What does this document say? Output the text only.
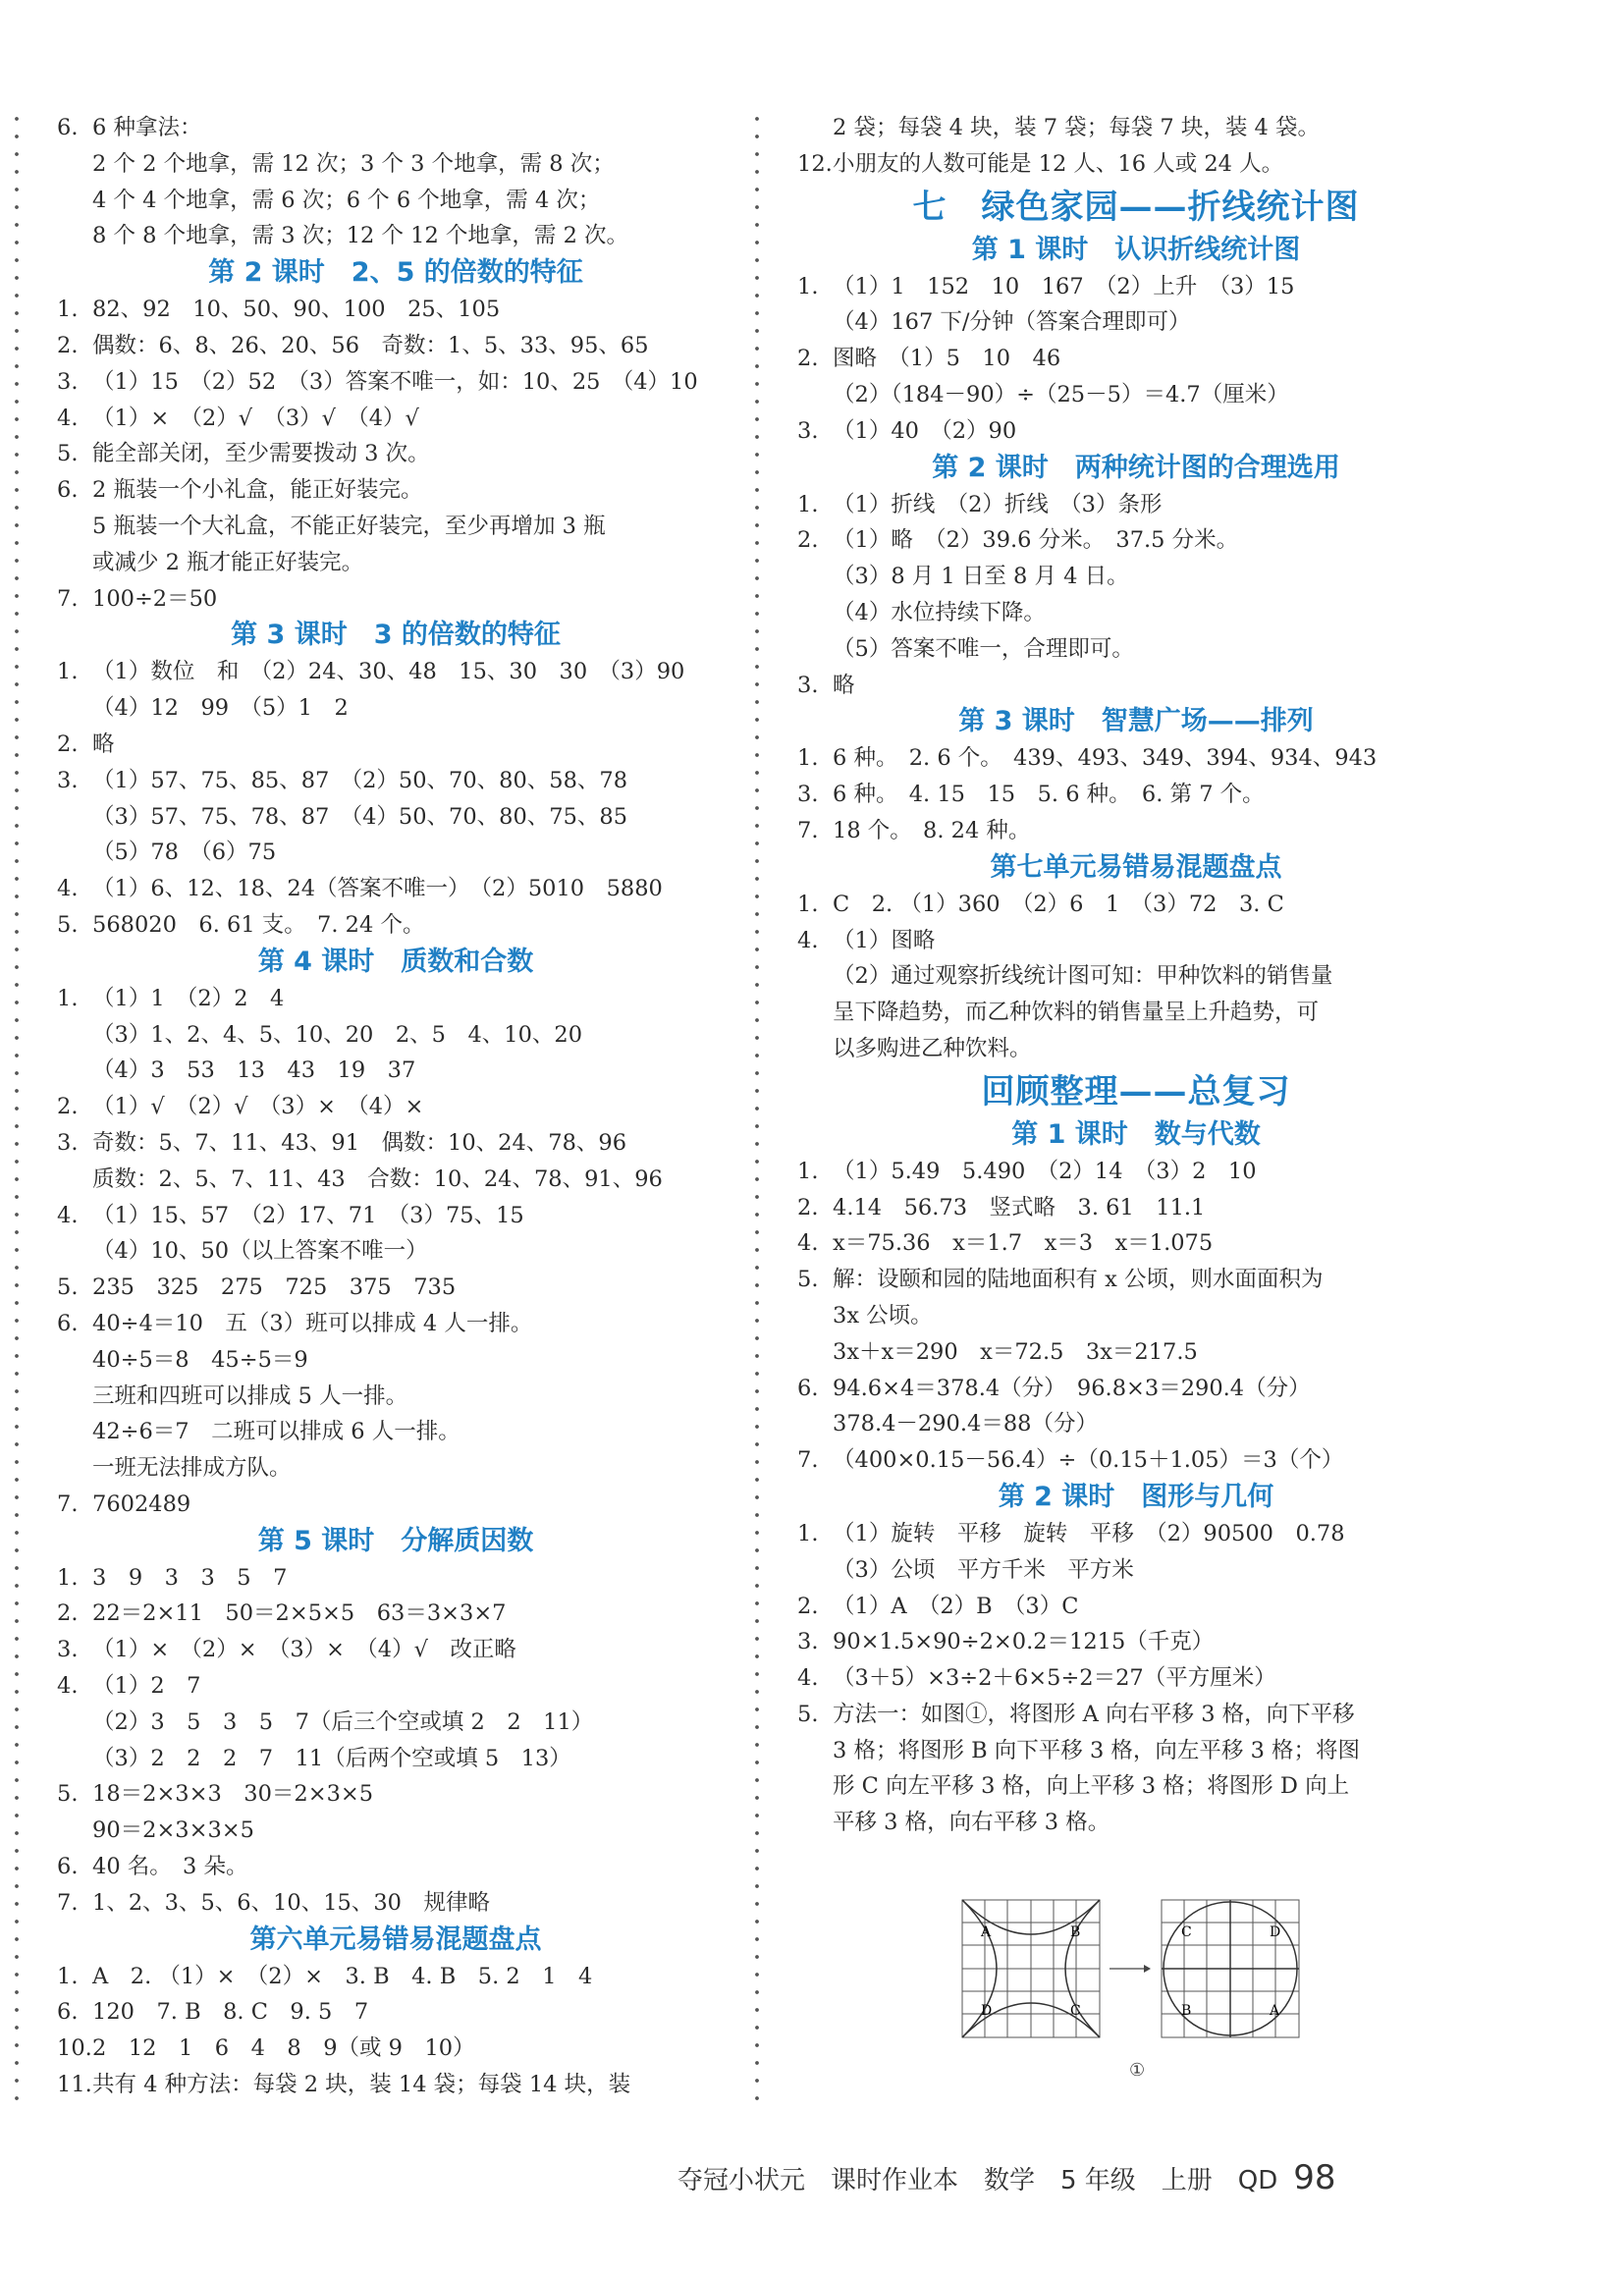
6. 6 种拿法：
2 个 2 个地拿，需 12 次；3 个 3 个地拿，需 8 次；
4 个 4 个地拿，需 6 次；6 个 6 个地拿，需 4 次；
8 个 8 个地拿，需 3 次；12 个 12 个地拿，需 2 次。
第 2 课时　2、5 的倍数的特征
1. 82、92　10、50、90、100　25、105
2. 偶数：6、8、26、20、56　奇数：1、5、33、95、65
3. （1）15　（2）52　（3）答案不唯一，如：10、25　（4）10
4. （1）×　（2）√　（3）√　（4）√
5. 能全部关闭，至少需要拨动 3 次。
6. 2 瓶装一个小礼盒，能正好装完。
5 瓶装一个大礼盒，不能正好装完，至少再增加 3 瓶
或减少 2 瓶才能正好装完。
7. 100÷2＝50
第 3 课时　3 的倍数的特征
1. （1）数位　和　（2）24、30、48　15、30　30　（3）90
（4）12　99　（5）1　2
2. 略
3. （1）57、75、85、87　（2）50、70、80、58、78
（3）57、75、78、87　（4）50、70、80、75、85
（5）78　（6）75
4. （1）6、12、18、24（答案不唯一）　（2）5010　5880
5. 568020　6. 61 支。　7. 24 个。
第 4 课时　质数和合数
1. （1）1　（2）2　4
（3）1、2、4、5、10、20　2、5　4、10、20
（4）3　53　13　43　19　37
2. （1）√　（2）√　（3）×　（4）×
3. 奇数：5、7、11、43、91　偶数：10、24、78、96
质数：2、5、7、11、43　合数：10、24、78、91、96
4. （1）15、57　（2）17、71　（3）75、15
（4）10、50（以上答案不唯一）
5. 235　325　275　725　375　735
6. 40÷4＝10　五（3）班可以排成 4 人一排。
40÷5＝8　45÷5＝9
三班和四班可以排成 5 人一排。
42÷6＝7　二班可以排成 6 人一排。
一班无法排成方队。
7. 7602489
第 5 课时　分解质因数
1. 3　9　3　3　5　7
2. 22＝2×11　50＝2×5×5　63＝3×3×7
3. （1）×　（2）×　（3）×　（4）√　改正略
4. （1）2　7
（2）3　5　3　5　7（后三个空或填 2　2　11）
（3）2　2　2　7　11（后两个空或填 5　13）
5. 18＝2×3×3　30＝2×3×5
90＝2×3×3×5
6. 40 名。　3 朵。
7. 1、2、3、5、6、10、15、30　规律略
第六单元易错易混题盘点
1. A　2. （1）×　（2）×　3. B　4. B　5. 2　1　4
6. 120　7. B　8. C　9. 5　7
10.2　12　1　6　4　8　9（或 9　10）
11.共有 4 种方法：每袋 2 块，装 14 袋；每袋 14 块，装
2 袋；每袋 4 块，装 7 袋；每袋 7 块，装 4 袋。
12.小朋友的人数可能是 12 人、16 人或 24 人。
七　绿色家园——折线统计图
第 1 课时　认识折线统计图
1. （1）1　152　10　167　（2）上升　（3）15
（4）167 下/分钟（答案合理即可）
2. 图略　（1）5　10　46
（2）（184－90）÷（25－5）＝4.7（厘米）
3. （1）40　（2）90
第 2 课时　两种统计图的合理选用
1. （1）折线　（2）折线　（3）条形
2. （1）略　（2）39.6 分米。　37.5 分米。
（3）8 月 1 日至 8 月 4 日。
（4）水位持续下降。
（5）答案不唯一，合理即可。
3. 略
第 3 课时　智慧广场——排列
1. 6 种。　2. 6 个。　439、493、349、394、934、943
3. 6 种。　4. 15　15　5. 6 种。　6. 第 7 个。
7. 18 个。　8. 24 种。
第七单元易错易混题盘点
1. C　2. （1）360　（2）6　1　（3）72　3. C
4. （1）图略
（2）通过观察折线统计图可知：甲种饮料的销售量
呈下降趋势，而乙种饮料的销售量呈上升趋势，可
以多购进乙种饮料。
回顾整理——总复习
第 1 课时　数与代数
1. （1）5.49　5.490　（2）14　（3）2　10
2. 4.14　56.73　竖式略　3. 61　11.1
4. x＝75.36　x＝1.7　x＝3　x＝1.075
5. 解：设颐和园的陆地面积有 x 公顷，则水面面积为
3x 公顷。
3x＋x＝290　x＝72.5　3x＝217.5
6. 94.6×4＝378.4（分）　96.8×3＝290.4（分）
378.4－290.4＝88（分）
7. （400×0.15－56.4）÷（0.15＋1.05）＝3（个）
第 2 课时　图形与几何
1. （1）旋转　平移　旋转　平移　（2）90500　0.78
（3）公顷　平方千米　平方米
2. （1）A　（2）B　（3）C
3. 90×1.5×90÷2×0.2＝1215（千克）
4. （3＋5）×3÷2＋6×5÷2＝27（平方厘米）
5. 方法一：如图①，将图形 A 向右平移 3 格，向下平移
3 格；将图形 B 向下平移 3 格，向左平移 3 格；将图
形 C 向左平移 3 格，向上平移 3 格；将图形 D 向上
平移 3 格，向右平移 3 格。
A	B
D	C
C	D
B	A
①
夺冠小状元　课时作业本　数学　5 年级　上册　QD 98
